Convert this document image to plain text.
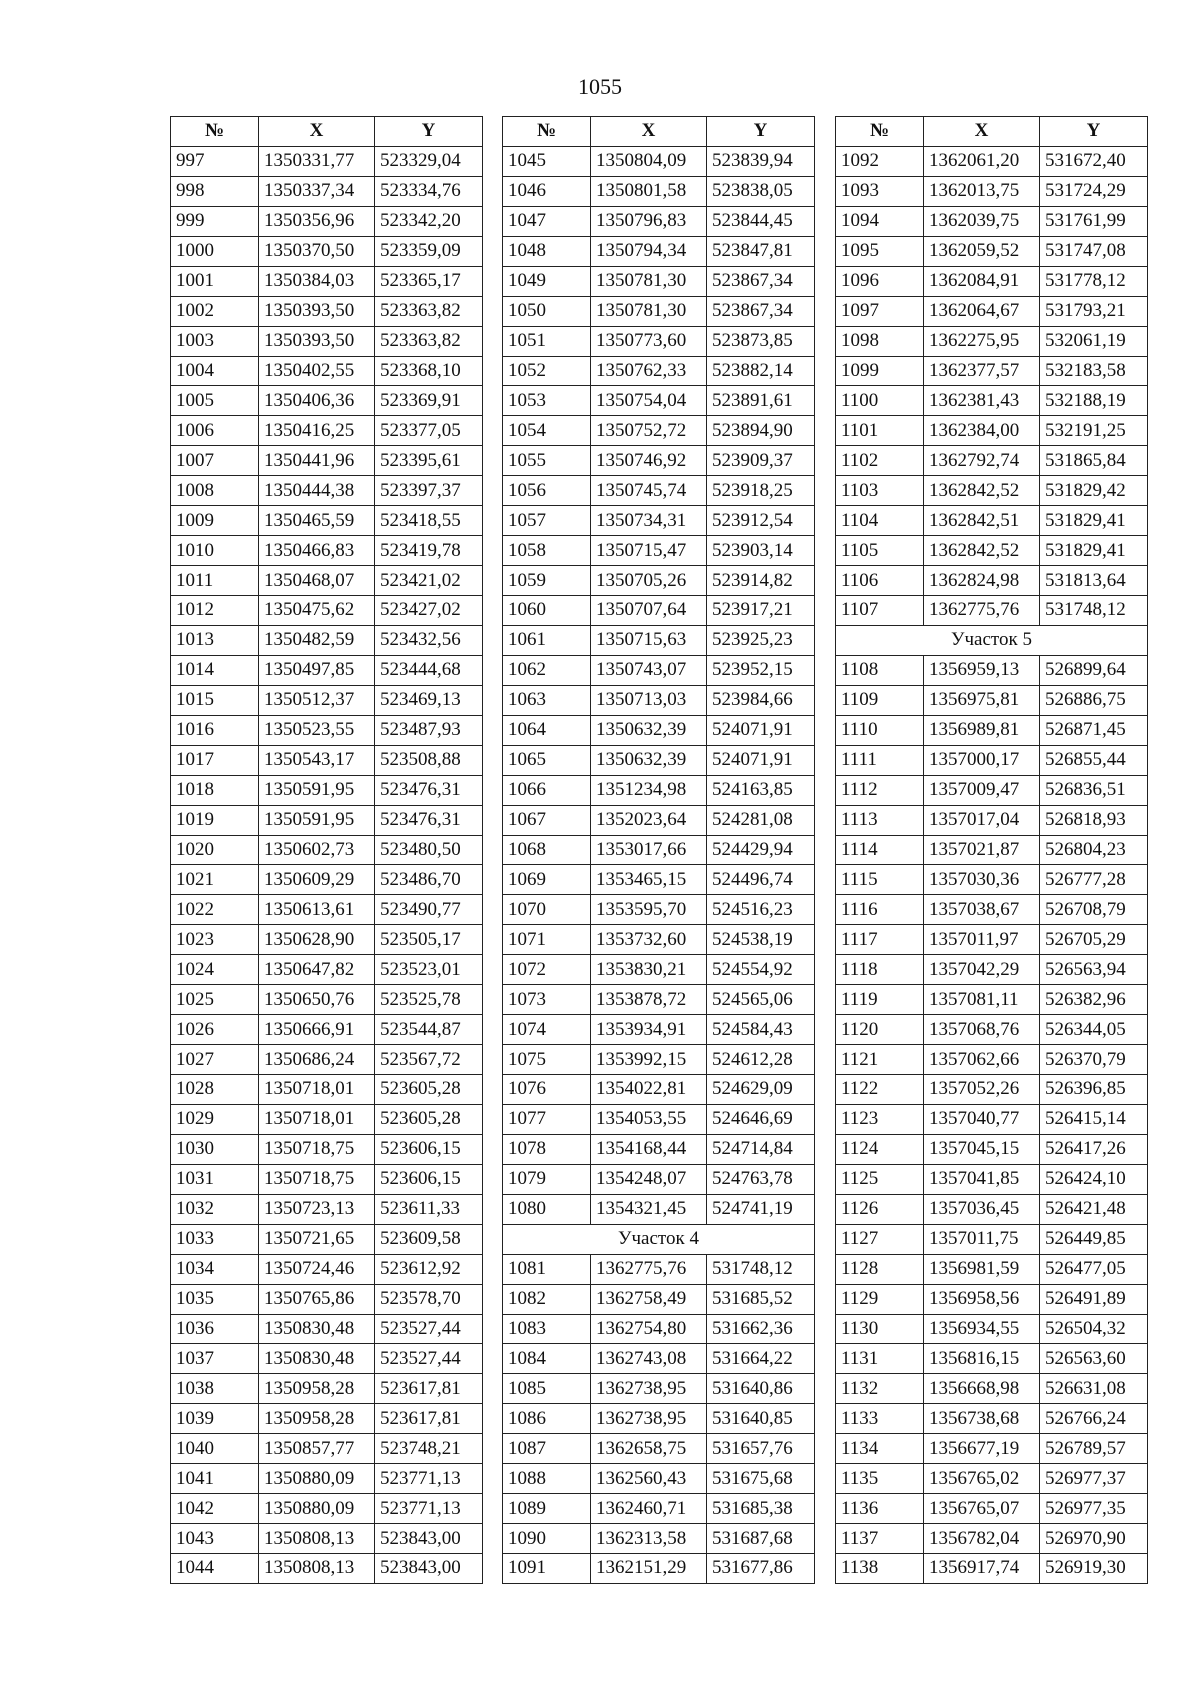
1055
№	X	Y
997	1350331,77	523329,04
998	1350337,34	523334,76
999	1350356,96	523342,20
1000	1350370,50	523359,09
1001	1350384,03	523365,17
1002	1350393,50	523363,82
1003	1350393,50	523363,82
1004	1350402,55	523368,10
1005	1350406,36	523369,91
1006	1350416,25	523377,05
1007	1350441,96	523395,61
1008	1350444,38	523397,37
1009	1350465,59	523418,55
1010	1350466,83	523419,78
1011	1350468,07	523421,02
1012	1350475,62	523427,02
1013	1350482,59	523432,56
1014	1350497,85	523444,68
1015	1350512,37	523469,13
1016	1350523,55	523487,93
1017	1350543,17	523508,88
1018	1350591,95	523476,31
1019	1350591,95	523476,31
1020	1350602,73	523480,50
1021	1350609,29	523486,70
1022	1350613,61	523490,77
1023	1350628,90	523505,17
1024	1350647,82	523523,01
1025	1350650,76	523525,78
1026	1350666,91	523544,87
1027	1350686,24	523567,72
1028	1350718,01	523605,28
1029	1350718,01	523605,28
1030	1350718,75	523606,15
1031	1350718,75	523606,15
1032	1350723,13	523611,33
1033	1350721,65	523609,58
1034	1350724,46	523612,92
1035	1350765,86	523578,70
1036	1350830,48	523527,44
1037	1350830,48	523527,44
1038	1350958,28	523617,81
1039	1350958,28	523617,81
1040	1350857,77	523748,21
1041	1350880,09	523771,13
1042	1350880,09	523771,13
1043	1350808,13	523843,00
1044	1350808,13	523843,00
№	X	Y
1045	1350804,09	523839,94
1046	1350801,58	523838,05
1047	1350796,83	523844,45
1048	1350794,34	523847,81
1049	1350781,30	523867,34
1050	1350781,30	523867,34
1051	1350773,60	523873,85
1052	1350762,33	523882,14
1053	1350754,04	523891,61
1054	1350752,72	523894,90
1055	1350746,92	523909,37
1056	1350745,74	523918,25
1057	1350734,31	523912,54
1058	1350715,47	523903,14
1059	1350705,26	523914,82
1060	1350707,64	523917,21
1061	1350715,63	523925,23
1062	1350743,07	523952,15
1063	1350713,03	523984,66
1064	1350632,39	524071,91
1065	1350632,39	524071,91
1066	1351234,98	524163,85
1067	1352023,64	524281,08
1068	1353017,66	524429,94
1069	1353465,15	524496,74
1070	1353595,70	524516,23
1071	1353732,60	524538,19
1072	1353830,21	524554,92
1073	1353878,72	524565,06
1074	1353934,91	524584,43
1075	1353992,15	524612,28
1076	1354022,81	524629,09
1077	1354053,55	524646,69
1078	1354168,44	524714,84
1079	1354248,07	524763,78
1080	1354321,45	524741,19
Участок 4		
1081	1362775,76	531748,12
1082	1362758,49	531685,52
1083	1362754,80	531662,36
1084	1362743,08	531664,22
1085	1362738,95	531640,86
1086	1362738,95	531640,85
1087	1362658,75	531657,76
1088	1362560,43	531675,68
1089	1362460,71	531685,38
1090	1362313,58	531687,68
1091	1362151,29	531677,86
№	X	Y
1092	1362061,20	531672,40
1093	1362013,75	531724,29
1094	1362039,75	531761,99
1095	1362059,52	531747,08
1096	1362084,91	531778,12
1097	1362064,67	531793,21
1098	1362275,95	532061,19
1099	1362377,57	532183,58
1100	1362381,43	532188,19
1101	1362384,00	532191,25
1102	1362792,74	531865,84
1103	1362842,52	531829,42
1104	1362842,51	531829,41
1105	1362842,52	531829,41
1106	1362824,98	531813,64
1107	1362775,76	531748,12
Участок 5		
1108	1356959,13	526899,64
1109	1356975,81	526886,75
1110	1356989,81	526871,45
1111	1357000,17	526855,44
1112	1357009,47	526836,51
1113	1357017,04	526818,93
1114	1357021,87	526804,23
1115	1357030,36	526777,28
1116	1357038,67	526708,79
1117	1357011,97	526705,29
1118	1357042,29	526563,94
1119	1357081,11	526382,96
1120	1357068,76	526344,05
1121	1357062,66	526370,79
1122	1357052,26	526396,85
1123	1357040,77	526415,14
1124	1357045,15	526417,26
1125	1357041,85	526424,10
1126	1357036,45	526421,48
1127	1357011,75	526449,85
1128	1356981,59	526477,05
1129	1356958,56	526491,89
1130	1356934,55	526504,32
1131	1356816,15	526563,60
1132	1356668,98	526631,08
1133	1356738,68	526766,24
1134	1356677,19	526789,57
1135	1356765,02	526977,37
1136	1356765,07	526977,35
1137	1356782,04	526970,90
1138	1356917,74	526919,30
